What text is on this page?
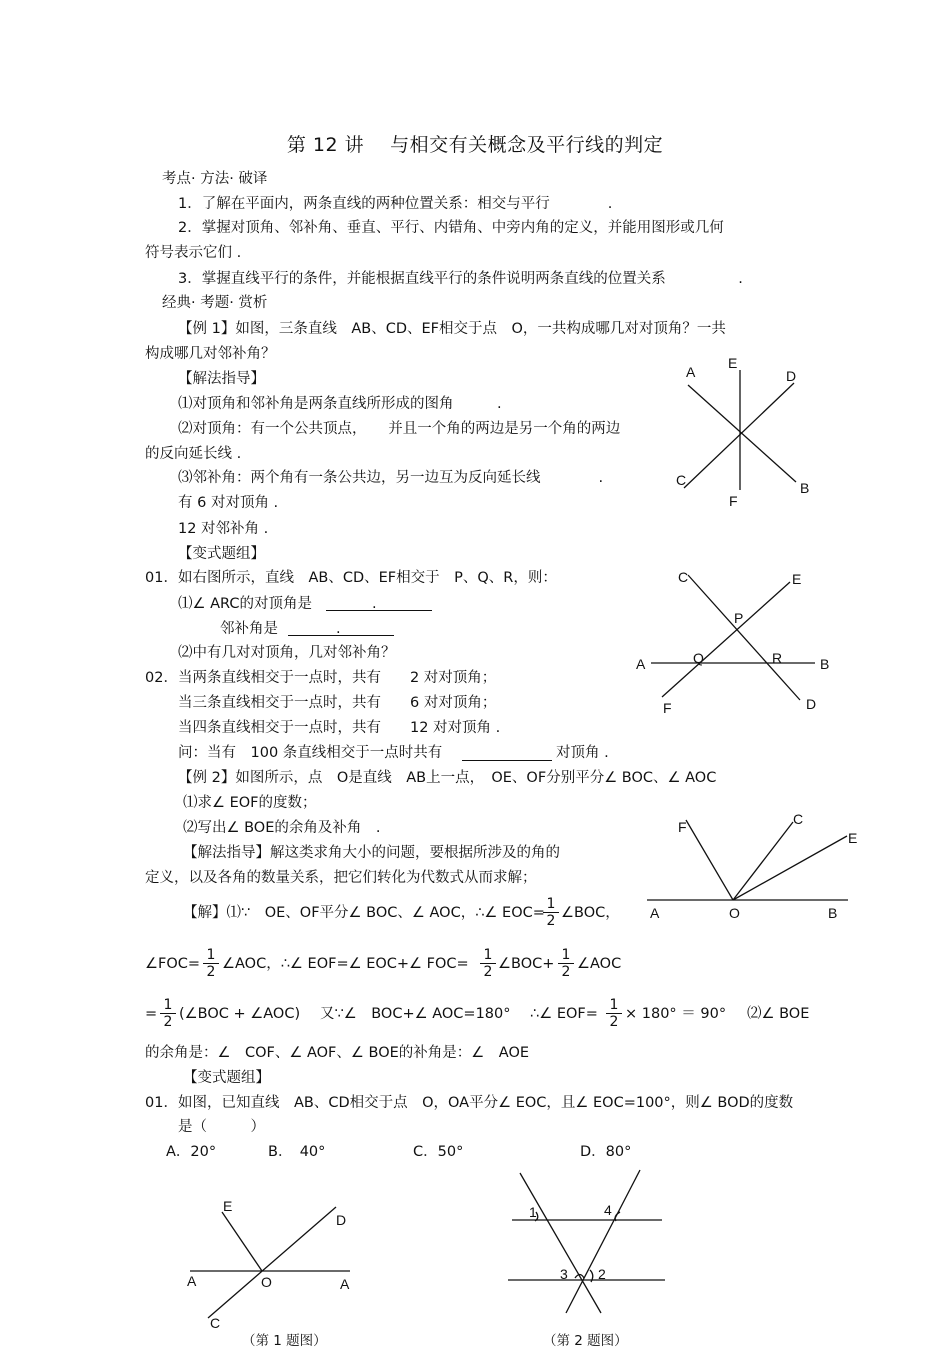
第 12 讲　 与相交有关概念及平行线的判定
考点· 方法· 破译
1．了解在平面内，两条直线的两种位置关系：相交与平行　　　　.
2．掌握对顶角、邻补角、垂直、平行、内错角、中旁内角的定义，并能用图形或几何
符号表示它们 .
3．掌握直线平行的条件，并能根据直线平行的条件说明两条直线的位置关系　　　　　.
经典· 考题· 赏析
【例 1】如图，三条直线　AB、CD、EF相交于点　O，一共构成哪几对对顶角？一共
构成哪几对邻补角？
【解法指导】
⑴对顶角和邻补角是两条直线所形成的图角　　　.
⑵对顶角：有一个公共顶点，　　并且一个角的两边是另一个角的两边
的反向延长线 .
⑶邻补角：两个角有一条公共边，另一边互为反向延长线　　　　.
有 6 对对顶角 .
12 对邻补角 .
【变式题组】
01．如右图所示，直线　AB、CD、EF相交于　P、Q、R，则：
⑴∠ ARC的对顶角是	.
邻补角是	.
⑵中有几对对顶角，几对邻补角？
02．当两条直线相交于一点时，共有　　2 对对顶角；
当三条直线相交于一点时，共有　　6 对对顶角；
当四条直线相交于一点时，共有　　12 对对顶角 .
问：当有　100 条直线相交于一点时共有	对顶角 .
【例 2】如图所示，点　O是直线　AB上一点，　OE、OF分别平分∠ BOC、∠ AOC
⑴求∠ EOF的度数；
⑵写出∠ BOE的余角及补角　.
【解法指导】解这类求角大小的问题，要根据所涉及的角的
定义，以及各角的数量关系，把它们转化为代数式从而求解；
【解】⑴∵　OE、OF平分∠ BOC、∠ AOC，∴∠ EOC=
$\frac{1}{2}$ ∠BOC，
∠FOC= $\frac{1}{2}$ ∠AOC，∴∠ EOF=∠ EOC+∠ $FOC= \frac{1}{2}$ ∠BOC+ $\frac{1}{2}$ ∠AOC
= $\frac{1}{2}$ (∠BOC + ∠AOC) 又∵∠　BOC+∠ AOC=180° ∴∠ $EOF= \frac{1}{2} \times 180^\circ = 90^\circ$ ⑵∠ BOE
的余角是：∠　COF、∠ AOF、∠ BOE的补角是：∠　AOE
【变式题组】
01．如图，已知直线　AB、CD相交于点　O，OA平分∠ EOC，且∠ EOC=100°，则∠ BOD的度数
是（　　　）
A．20°	B．　40°	C．50°	D．80°
A
E
D
C
F
B
C	E
P
A	Q	R	B
F	D
F	C
E
A	O	B
E
D
A	O	A
C
（第 1 题图）
1	4
3 2
（第 2 题图）
